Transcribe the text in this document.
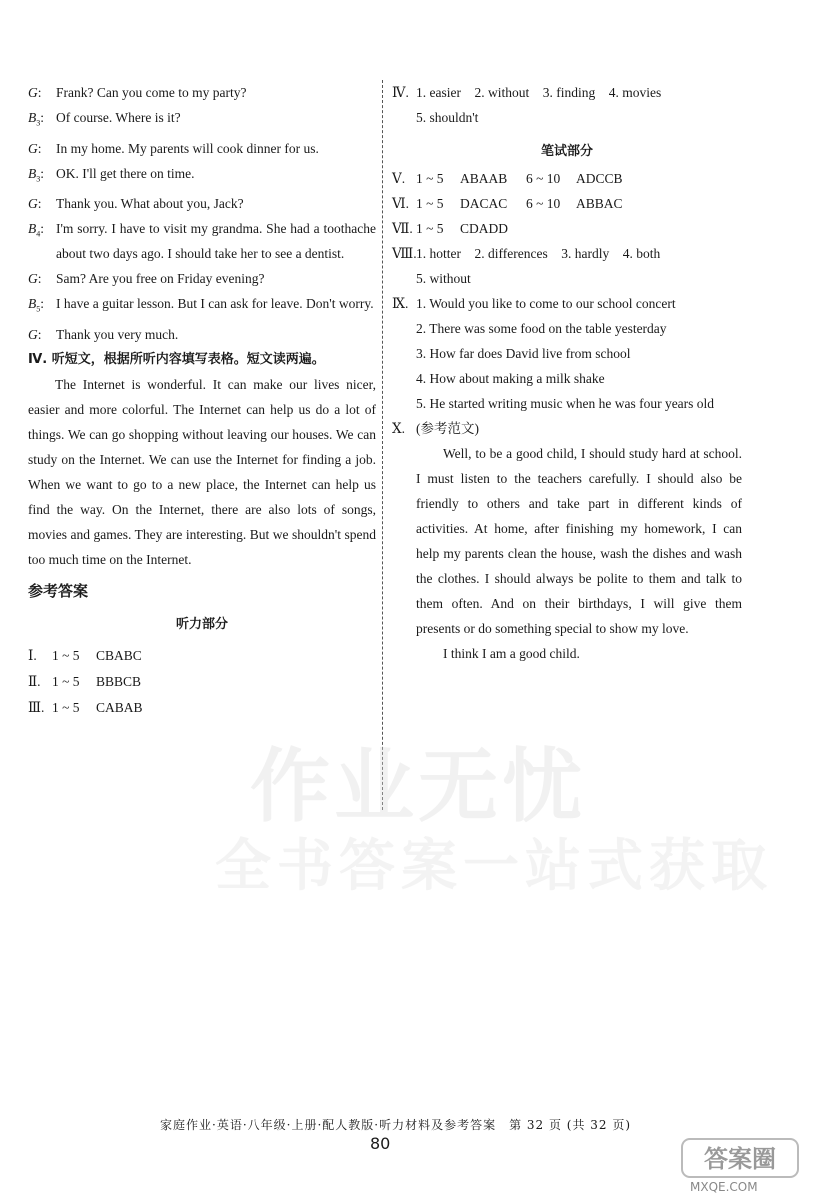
G:	Frank? Can you come to my party?
$B_3$: Of course. Where is it?
G:	In my home. My parents will cook dinner for us.
$B_3$: OK. I'll get there on time.
G:	Thank you. What about you, Jack?
$B_4$: I'm sorry. I have to visit my grandma. She had a toothache about two days ago. I should take her to see a dentist.
G:	Sam? Are you free on Friday evening?
$B_5$: I have a guitar lesson. But I can ask for leave. Don't worry.
G:	Thank you very much.
Ⅳ. 听短文，根据所听内容填写表格。短文读两遍。
The Internet is wonderful. It can make our lives nicer, easier and more colorful. The Internet can help us do a lot of things. We can go shopping without leaving our houses. We can study on the Internet. We can use the Internet for finding a job. When we want to go to a new place, the Internet can help us find the way. On the Internet, there are also lots of songs, movies and games. They are interesting. But we shouldn't spend too much time on the Internet.
参考答案
听力部分
Ⅰ. 1 ~ 5 CBABC
Ⅱ. 1 ~ 5 BBBCB
Ⅲ. 1 ~ 5 CABAB
Ⅳ. 1. easier　2. without　3. finding　4. movies
5. shouldn't
笔试部分
Ⅴ. 1 ~ 5 ABAAB 6 ~ 10 ADCCB
Ⅵ. 1 ~ 5 DACAC 6 ~ 10 ABBAC
Ⅶ. 1 ~ 5 CDADD
Ⅷ.1. hotter　2. differences　3. hardly　4. both
5. without
Ⅸ. 1. Would you like to come to our school concert
2. There was some food on the table yesterday
3. How far does David live from school
4. How about making a milk shake
5. He started writing music when he was four years old
Ⅹ. (参考范文)
Well, to be a good child, I should study hard at school. I must listen to the teachers carefully. I should also be friendly to others and take part in different kinds of activities. At home, after finishing my homework, I can help my parents clean the house, wash the dishes and wash the clothes. I should always be polite to them and talk to them often. And on their birthdays, I will give them presents or do something special to show my love.
I think I am a good child.
作业无忧
全书答案一站式获取
家庭作业·英语·八年级·上册·配人教版·听力材料及参考答案　第 32 页 (共 32 页)
80
答案圈
MXQE.COM
